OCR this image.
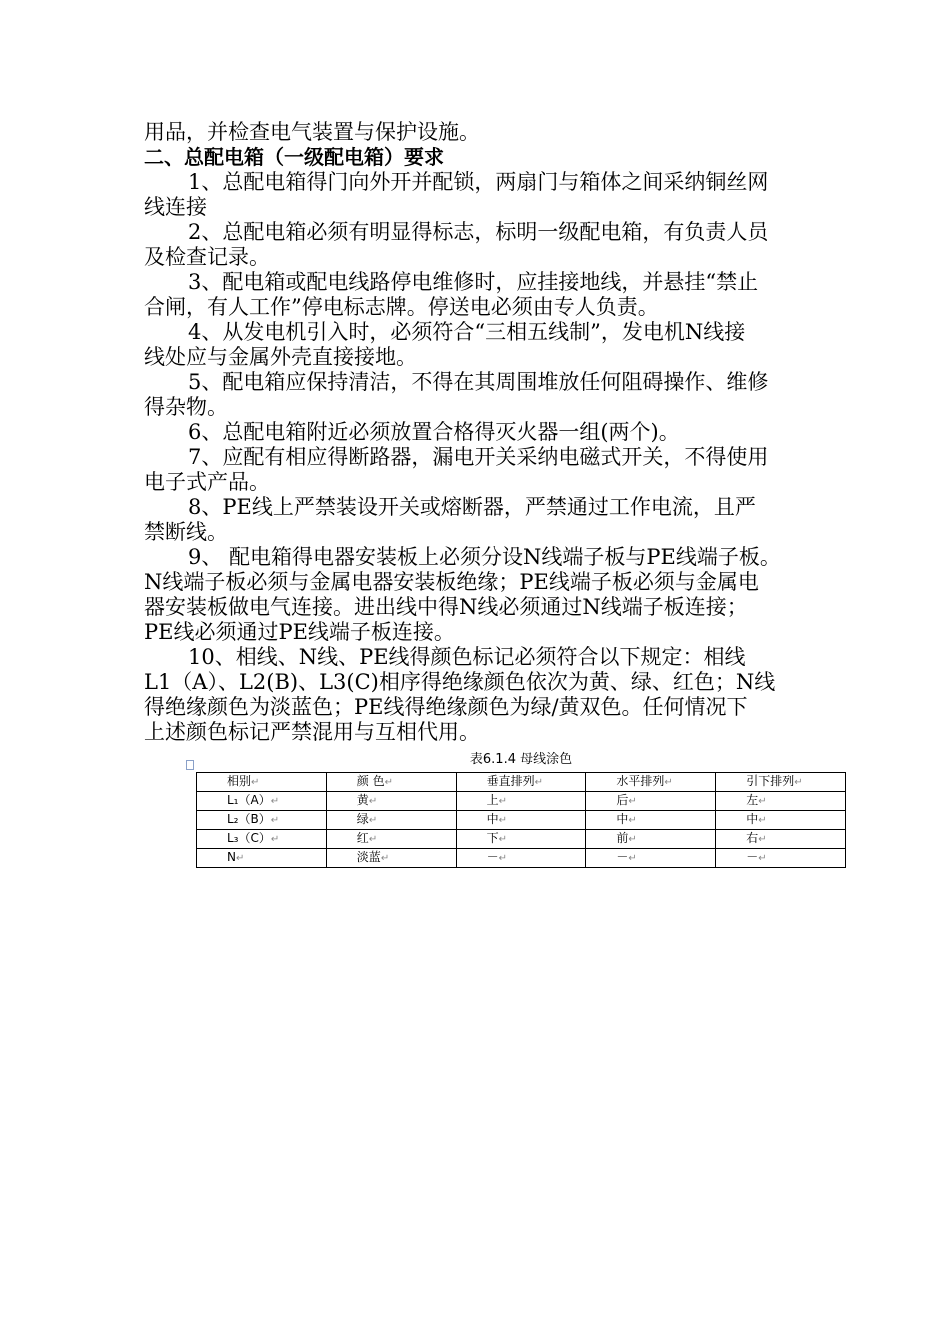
用品，并检查电气装置与保护设施。

二、总配电箱（一级配电箱）要求

1、总配电箱得门向外开并配锁，两扇门与箱体之间采纳铜丝网

线连接

2、总配电箱必须有明显得标志，标明一级配电箱，有负责人员

及检查记录。

3、配电箱或配电线路停电维修时，应挂接地线，并悬挂“禁止

合闸，有人工作”停电标志牌。停送电必须由专人负责。

4、从发电机引入时，必须符合“三相五线制”，发电机N线接

线处应与金属外壳直接接地。

5、配电箱应保持清洁，不得在其周围堆放任何阻碍操作、维修

得杂物。

6、总配电箱附近必须放置合格得灭火器一组(两个)。

7、应配有相应得断路器，漏电开关采纳电磁式开关，不得使用

电子式产品。

8、PE线上严禁装设开关或熔断器，严禁通过工作电流，且严

禁断线。

9、 配电箱得电器安装板上必须分设N线端子板与PE线端子板。

N线端子板必须与金属电器安装板绝缘；PE线端子板必须与金属电

器安装板做电气连接。进出线中得N线必须通过N线端子板连接；

PE线必须通过PE线端子板连接。

10、相线、N线、PE线得颜色标记必须符合以下规定：相线

L1（A）、L2(B)、L3(C)相序得绝缘颜色依次为黄、绿、红色；N线

得绝缘颜色为淡蓝色；PE线得绝缘颜色为绿/黄双色。任何情况下

上述颜色标记严禁混用与互相代用。

表6.1.4 母线涂色

相别↵	颜 色↵	垂直排列↵	水平排列↵	引下排列↵
L₁（A）↵	黄↵	上↵	后↵	左↵
L₂（B）↵	绿↵	中↵	中↵	中↵
L₃（C）↵	红↵	下↵	前↵	右↵
N↵	淡蓝↵	－↵	－↵	－↵
